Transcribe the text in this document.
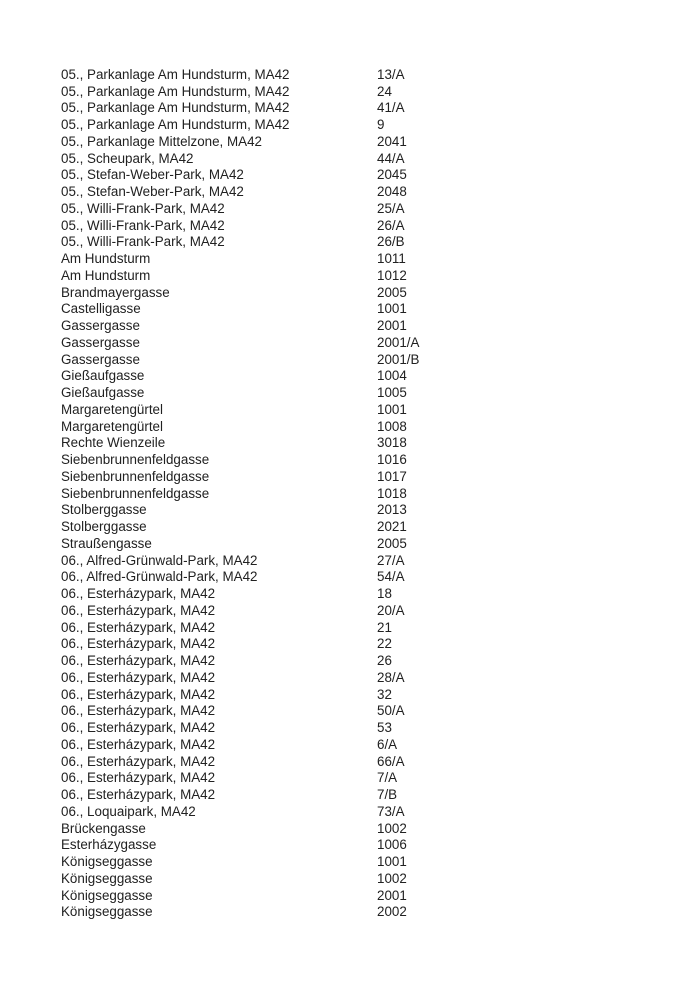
05., Parkanlage Am Hundsturm, MA42	13/A
05., Parkanlage Am Hundsturm, MA42	24
05., Parkanlage Am Hundsturm, MA42	41/A
05., Parkanlage Am Hundsturm, MA42	9
05., Parkanlage Mittelzone, MA42	2041
05., Scheupark, MA42	44/A
05., Stefan-Weber-Park, MA42	2045
05., Stefan-Weber-Park, MA42	2048
05., Willi-Frank-Park, MA42	25/A
05., Willi-Frank-Park, MA42	26/A
05., Willi-Frank-Park, MA42	26/B
Am Hundsturm	1011
Am Hundsturm	1012
Brandmayergasse	2005
Castelligasse	1001
Gassergasse	2001
Gassergasse	2001/A
Gassergasse	2001/B
Gießaufgasse	1004
Gießaufgasse	1005
Margaretengürtel	1001
Margaretengürtel	1008
Rechte Wienzeile	3018
Siebenbrunnenfeldgasse	1016
Siebenbrunnenfeldgasse	1017
Siebenbrunnenfeldgasse	1018
Stolberggasse	2013
Stolberggasse	2021
Straußengasse	2005
06., Alfred-Grünwald-Park, MA42	27/A
06., Alfred-Grünwald-Park, MA42	54/A
06., Esterházypark, MA42	18
06., Esterházypark, MA42	20/A
06., Esterházypark, MA42	21
06., Esterházypark, MA42	22
06., Esterházypark, MA42	26
06., Esterházypark, MA42	28/A
06., Esterházypark, MA42	32
06., Esterházypark, MA42	50/A
06., Esterházypark, MA42	53
06., Esterházypark, MA42	6/A
06., Esterházypark, MA42	66/A
06., Esterházypark, MA42	7/A
06., Esterházypark, MA42	7/B
06., Loquaipark, MA42	73/A
Brückengasse	1002
Esterházygasse	1006
Königseggasse	1001
Königseggasse	1002
Königseggasse	2001
Königseggasse	2002
